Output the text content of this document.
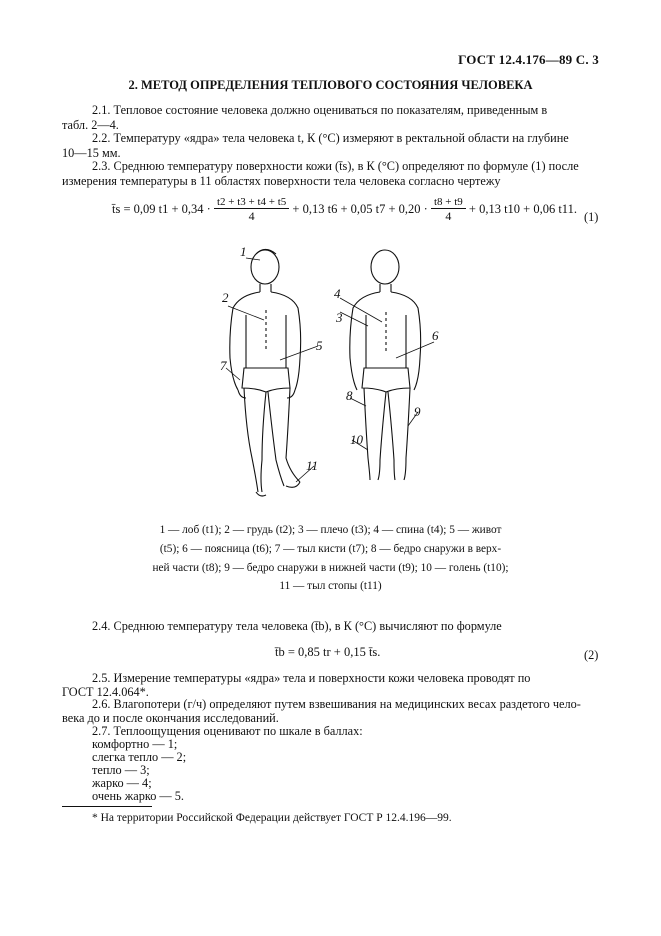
ГОСТ 12.4.176—89 С. 3
2. МЕТОД ОПРЕДЕЛЕНИЯ ТЕПЛОВОГО СОСТОЯНИЯ ЧЕЛОВЕКА
2.1. Тепловое состояние человека должно оцениваться по показателям, приведенным в
табл. 2—4.
2.2. Температуру «ядра» тела человека t, К (°С) измеряют в ректальной области на глубине
10—15 мм.
2.3. Среднюю температуру поверхности кожи (t̄s), в К (°С) определяют по формуле (1) после
измерения температуры в 11 областях поверхности тела человека согласно чертежу
t̄s = 0,09 $t1 + 0,34 \cdot \frac{t2 + t3 + t4 + t5}{4} + 0,13$ t6 + 0,05 $t7 + 0,20 \cdot \frac{t8 + t9}{4} + 0,13$ t10 + 0,06 t11.
(1)
1
2
3
4
5
6
7
8
9
10
11
1 — лоб (t1); 2 — грудь (t2); 3 — плечо (t3); 4 — спина (t4); 5 — живот
(t5); 6 — поясница (t6); 7 — тыл кисти (t7); 8 — бедро снаружи в верх-
ней части (t8); 9 — бедро снаружи в нижней части (t9); 10 — голень (t10);
11 — тыл стопы (t11)
2.4. Среднюю температуру тела человека (t̄b), в К (°С) вычисляют по формуле
t̄b = 0,85 tr + 0,15 t̄s.	(2)
2.5. Измерение температуры «ядра» тела и поверхности кожи человека проводят по
ГОСТ 12.4.064*.
2.6. Влагопотери (г/ч) определяют путем взвешивания на медицинских весах раздетого чело-
века до и после окончания исследований.
2.7. Теплоощущения оценивают по шкале в баллах:
комфортно — 1;
слегка тепло — 2;
тепло — 3;
жарко — 4;
очень жарко — 5.
* На территории Российской Федерации действует ГОСТ Р 12.4.196—99.
